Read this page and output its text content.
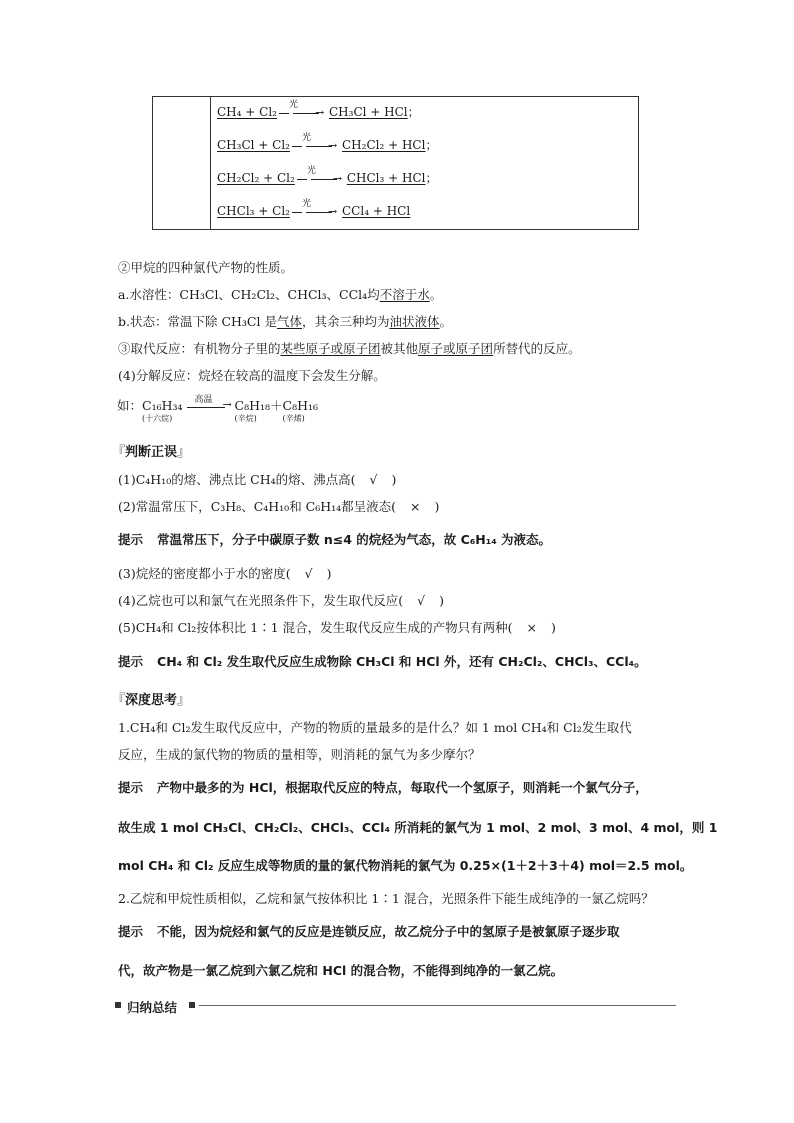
CH₄ + Cl₂
光
→ CH₃Cl + HCl；
CH₃Cl + Cl₂
光
→ CH₂Cl₂ + HCl；
CH₂Cl₂ + Cl₂
光
→ CHCl₃ + HCl；
CHCl₃ + Cl₂
光
→ CCl₄ + HCl
②甲烷的四种氯代产物的性质。
a.水溶性：CH₃Cl、CH₂Cl₂、CHCl₃、CCl₄均不溶于水。
b.状态：常温下除 CH₃Cl 是气体，其余三种均为油状液体。
③取代反应：有机物分子里的某些原子或原子团被其他原子或原子团所替代的反应。
(4)分解反应：烷烃在较高的温度下会发生分解。
如：C₁₆H₃₄
(十六烷)
高温 → C₈H₁₈
(辛烷)
＋C₈H₁₆
(辛烯)
『判断正误』
(1)C₄H₁₀的熔、沸点比 CH₄的熔、沸点高( √ )
(2)常温常压下，C₃H₈、C₄H₁₀和 C₆H₁₄都呈液态( × )
提示 常温常压下，分子中碳原子数 n≤4 的烷烃为气态，故 C₆H₁₄ 为液态。
(3)烷烃的密度都小于水的密度( √ )
(4)乙烷也可以和氯气在光照条件下，发生取代反应( √ )
(5)CH₄和 Cl₂按体积比 1∶1 混合，发生取代反应生成的产物只有两种( × )
提示 CH₄ 和 Cl₂ 发生取代反应生成物除 CH₃Cl 和 HCl 外，还有 CH₂Cl₂、CHCl₃、CCl₄。
『深度思考』
1.CH₄和 Cl₂发生取代反应中，产物的物质的量最多的是什么？如 1 mol CH₄和 Cl₂发生取代
反应，生成的氯代物的物质的量相等，则消耗的氯气为多少摩尔？
提示 产物中最多的为 HCl，根据取代反应的特点，每取代一个氢原子，则消耗一个氯气分子，
故生成 1 mol CH₃Cl、CH₂Cl₂、CHCl₃、CCl₄ 所消耗的氯气为 1 mol、2 mol、3 mol、4 mol，则 1
mol CH₄ 和 Cl₂ 反应生成等物质的量的氯代物消耗的氯气为 0.25×(1＋2＋3＋4) mol＝2.5 mol。
2.乙烷和甲烷性质相似，乙烷和氯气按体积比 1∶1 混合，光照条件下能生成纯净的一氯乙烷吗？
提示 不能，因为烷烃和氯气的反应是连锁反应，故乙烷分子中的氢原子是被氯原子逐步取
代，故产物是一氯乙烷到六氯乙烷和 HCl 的混合物，不能得到纯净的一氯乙烷。
归纳总结
